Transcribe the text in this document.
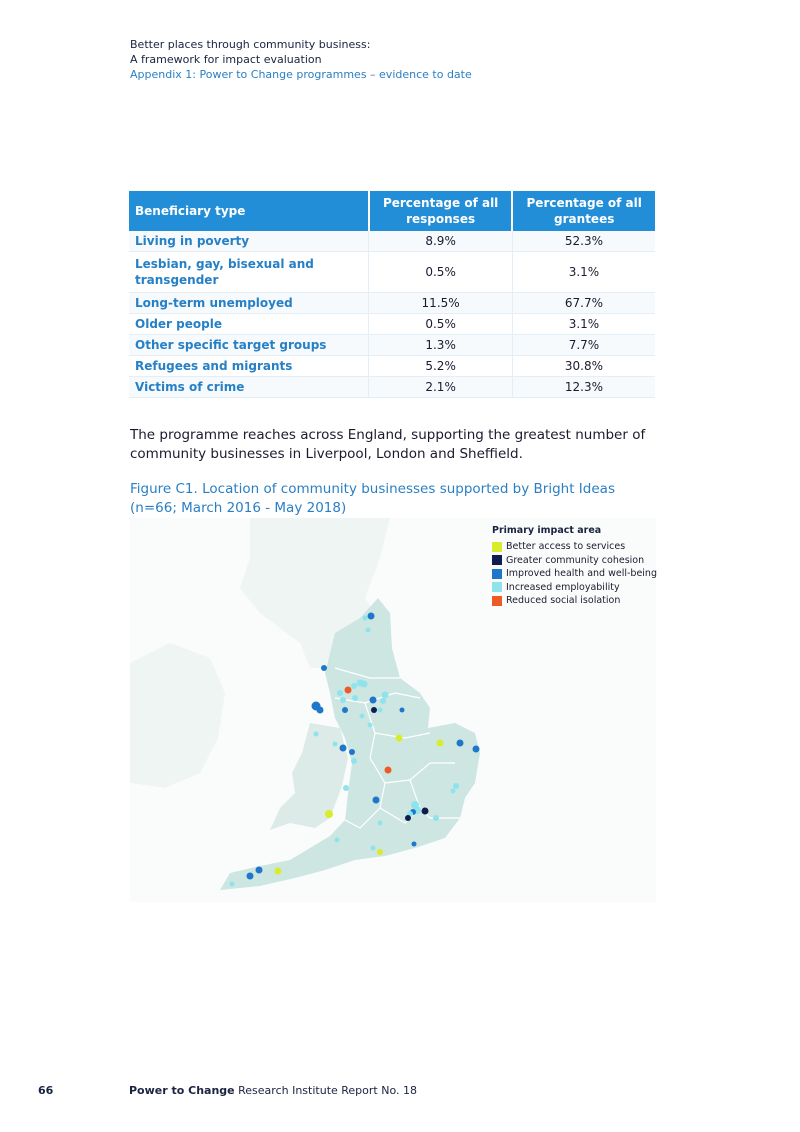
Better places through community business:
A framework for impact evaluation
Appendix 1: Power to Change programmes – evidence to date
Beneficiary type	Percentage of all responses	Percentage of all grantees
Living in poverty	8.9%	52.3%
Lesbian, gay, bisexual and transgender	0.5%	3.1%
Long-term unemployed	11.5%	67.7%
Older people	0.5%	3.1%
Other specific target groups	1.3%	7.7%
Refugees and migrants	5.2%	30.8%
Victims of crime	2.1%	12.3%
The programme reaches across England, supporting the greatest number of community businesses in Liverpool, London and Sheffield.
Figure C1. Location of community businesses supported by Bright Ideas (n=66; March 2016 - May 2018)
Primary impact area
Better access to services
Greater community cohesion
Improved health and well-being
Increased employability
Reduced social isolation
66	Power to Change Research Institute Report No. 18
